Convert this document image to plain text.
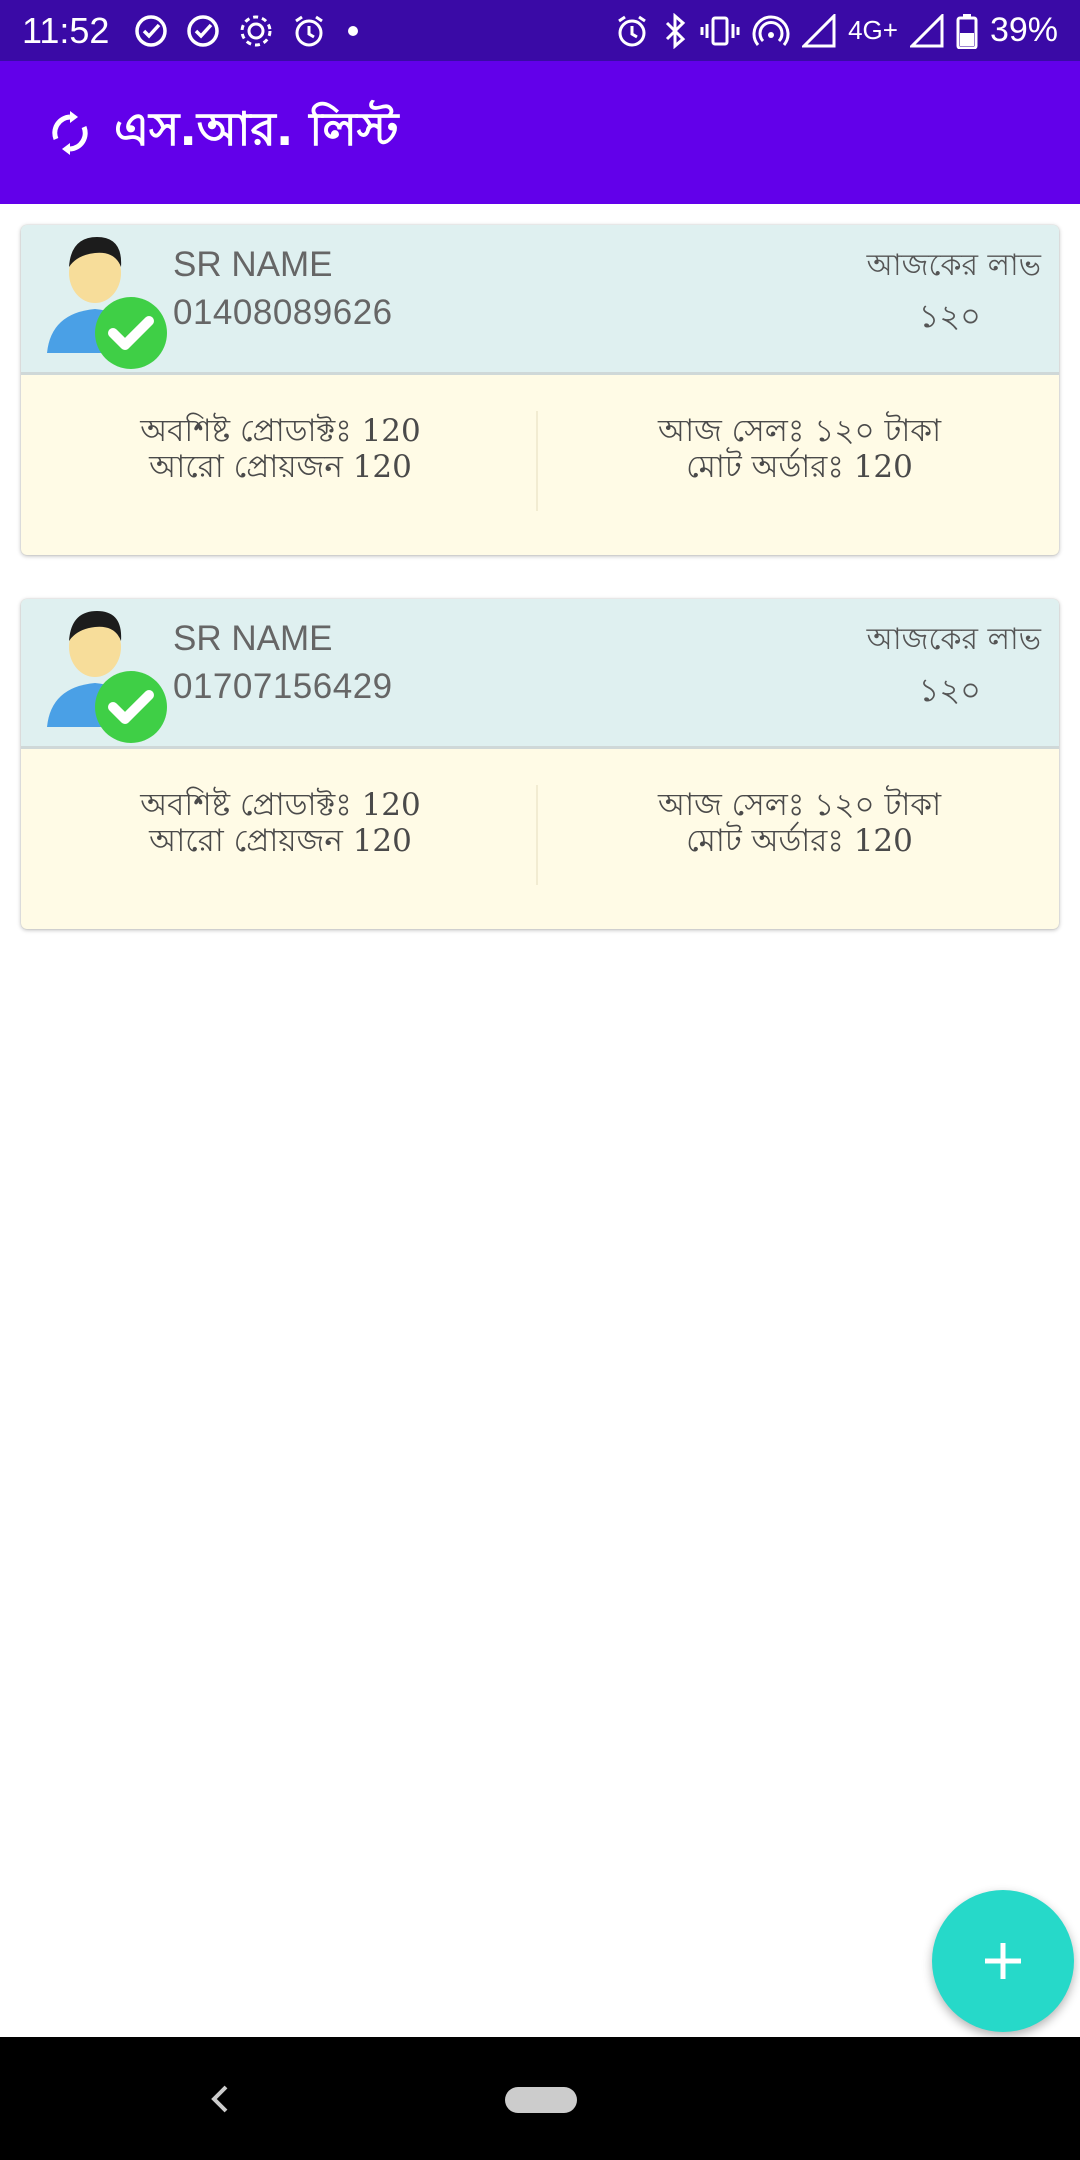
11:52	4G+	39%
এস.আর. লিস্ট
SR NAME
01408089626
আজকের লাভ
১২০
অবশিষ্ট প্রোডাক্টঃ 120
আরো প্রোয়জন 120
আজ সেলঃ ১২০ টাকা
মোট অর্ডারঃ 120
SR NAME
01707156429
আজকের লাভ
১২০
অবশিষ্ট প্রোডাক্টঃ 120
আরো প্রোয়জন 120
আজ সেলঃ ১২০ টাকা
মোট অর্ডারঃ 120
